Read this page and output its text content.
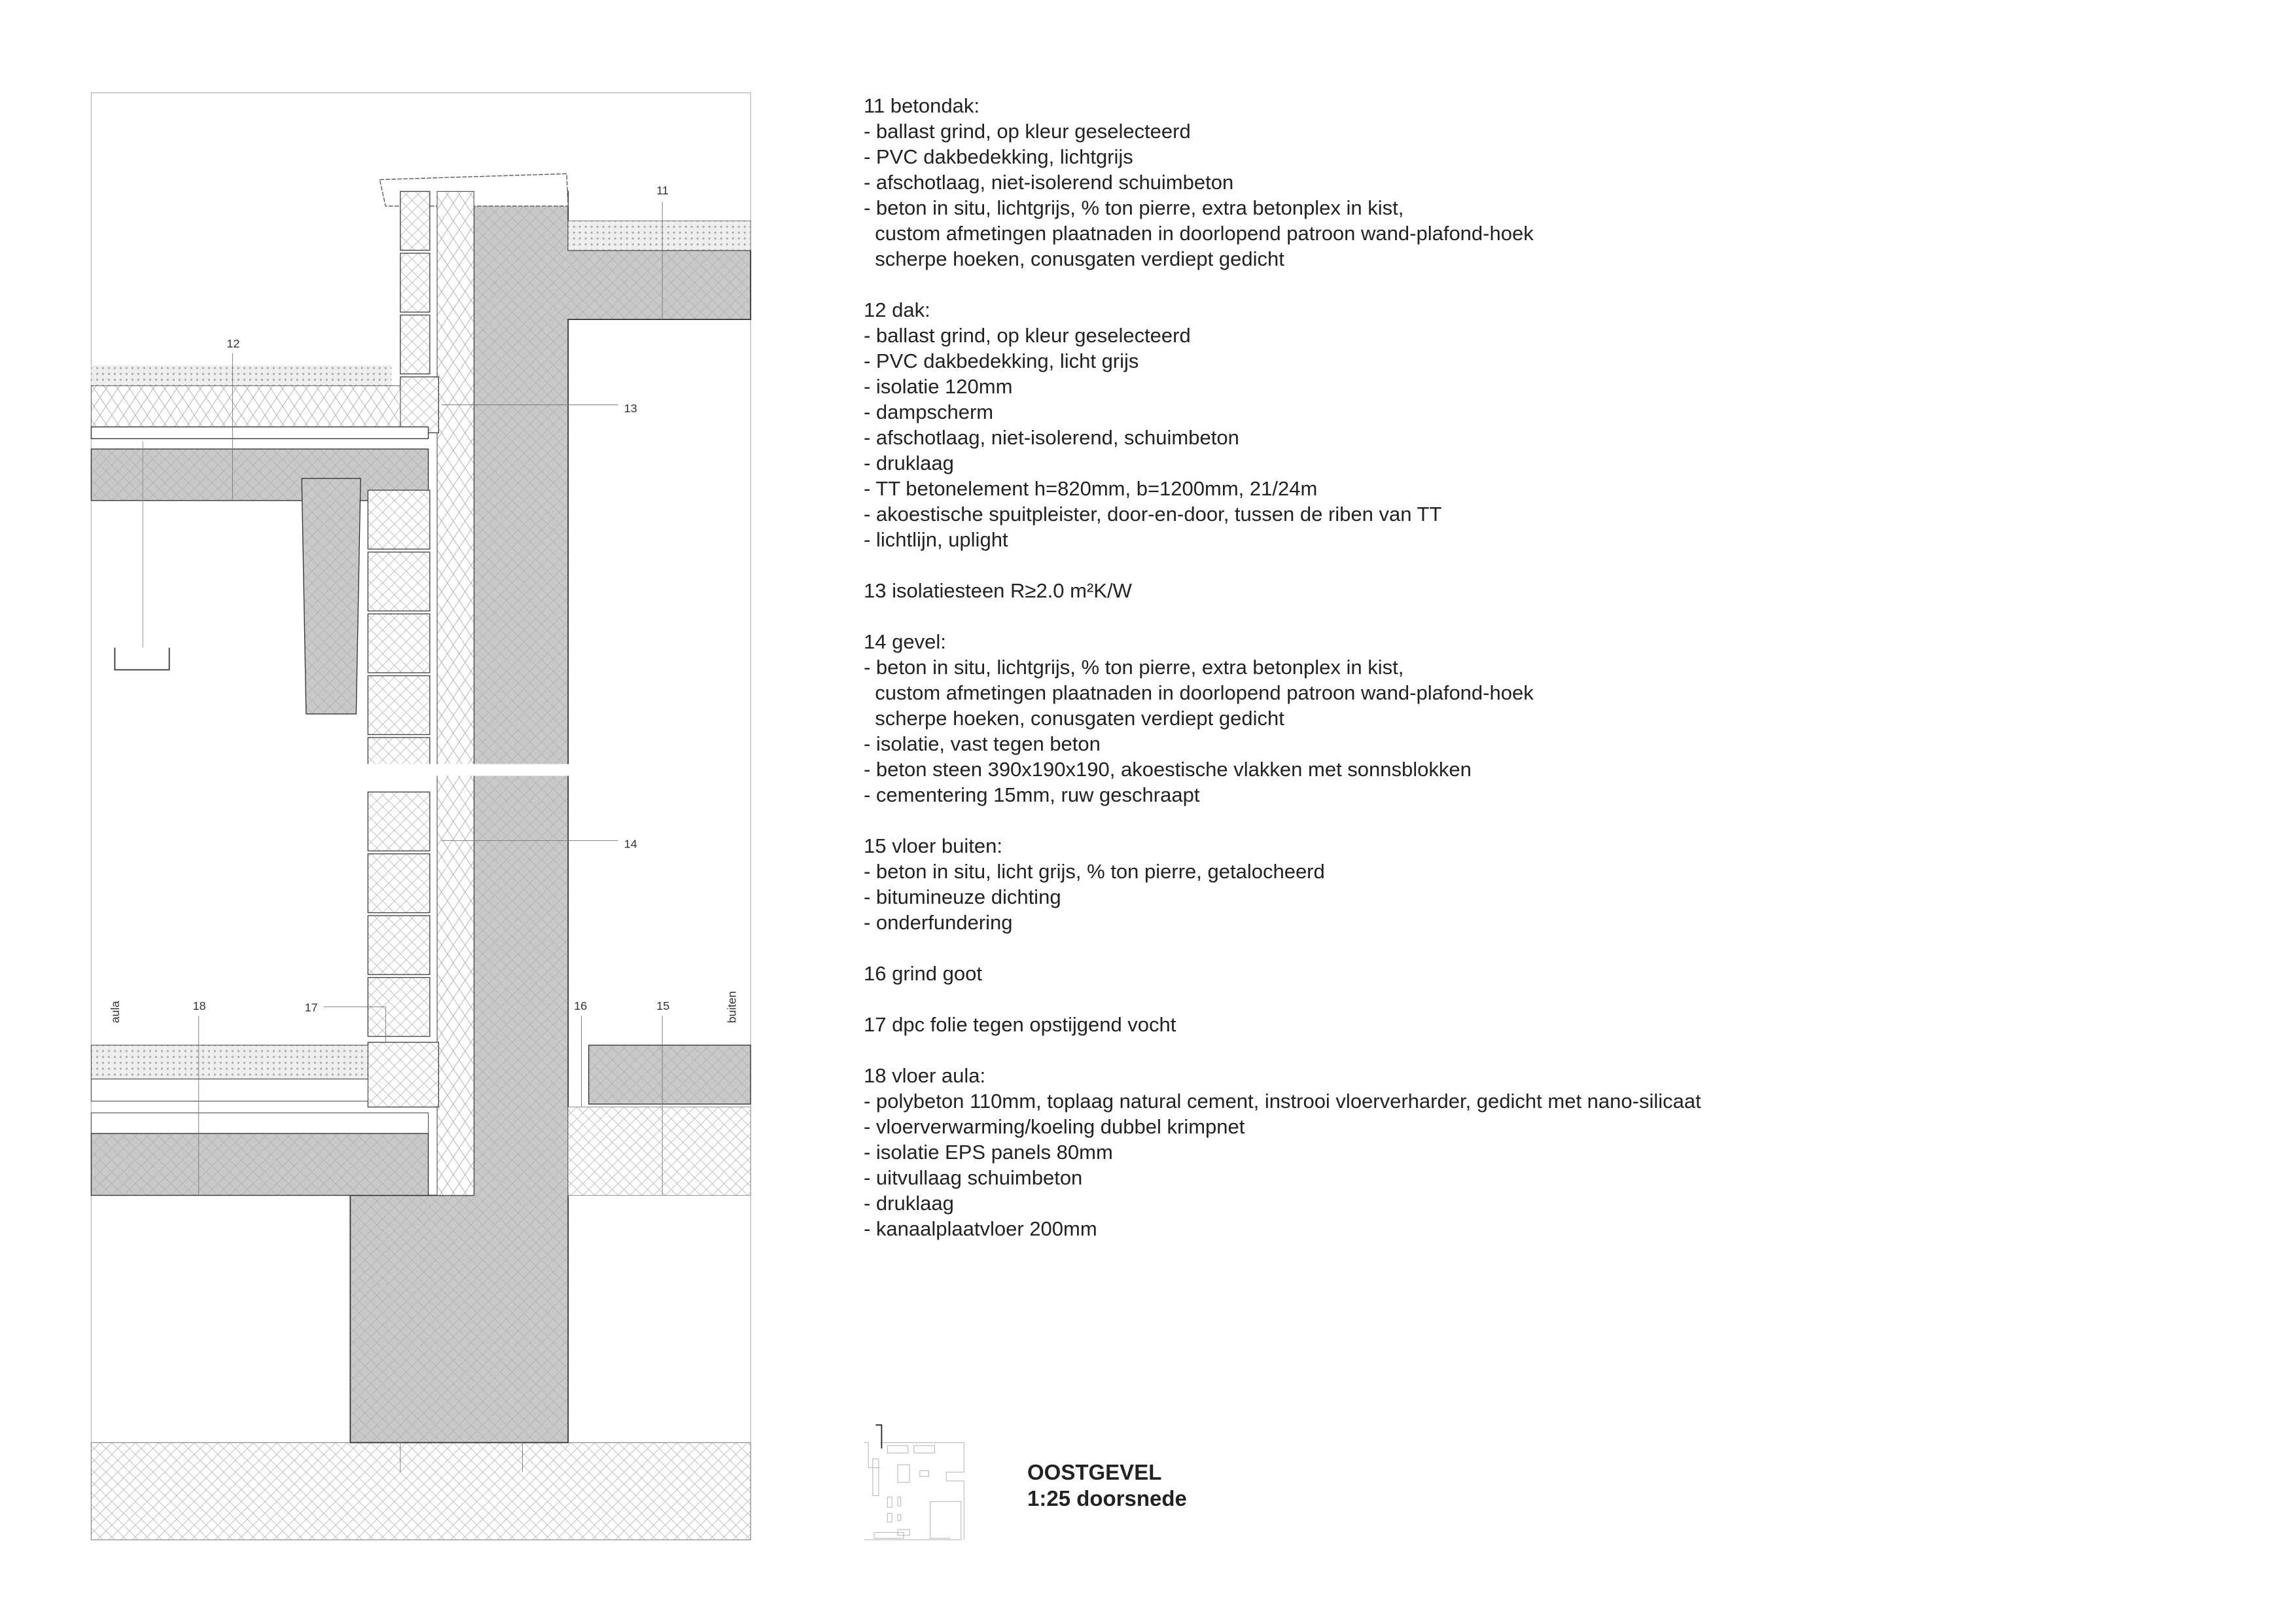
11
12
13
14
15
16
17
18
aula	buiten
11 betondak:
- ballast grind, op kleur geselecteerd
- PVC dakbedekking, lichtgrijs
- afschotlaag, niet-isolerend schuimbeton
- beton in situ, lichtgrijs, % ton pierre, extra betonplex in kist,
custom afmetingen plaatnaden in doorlopend patroon wand-plafond-hoek
scherpe hoeken, conusgaten verdiept gedicht
12 dak:
- ballast grind, op kleur geselecteerd
- PVC dakbedekking, licht grijs
- isolatie 120mm
- dampscherm
- afschotlaag, niet-isolerend, schuimbeton
- druklaag
- TT betonelement h=820mm, b=1200mm, 21/24m
- akoestische spuitpleister, door-en-door, tussen de riben van TT
- lichtlijn, uplight
13 isolatiesteen R≥2.0 m²K/W
14 gevel:
- beton in situ, lichtgrijs, % ton pierre, extra betonplex in kist,
custom afmetingen plaatnaden in doorlopend patroon wand-plafond-hoek
scherpe hoeken, conusgaten verdiept gedicht
- isolatie, vast tegen beton
- beton steen 390x190x190, akoestische vlakken met sonnsblokken
- cementering 15mm, ruw geschraapt
15 vloer buiten:
- beton in situ, licht grijs, % ton pierre, getalocheerd
- bitumineuze dichting
- onderfundering
16 grind goot
17 dpc folie tegen opstijgend vocht
18 vloer aula:
- polybeton 110mm, toplaag natural cement, instrooi vloerverharder, gedicht met nano-silicaat
- vloerverwarming/koeling dubbel krimpnet
- isolatie EPS panels 80mm
- uitvullaag schuimbeton
- druklaag
- kanaalplaatvloer 200mm
OOSTGEVEL
1:25 doorsnede
